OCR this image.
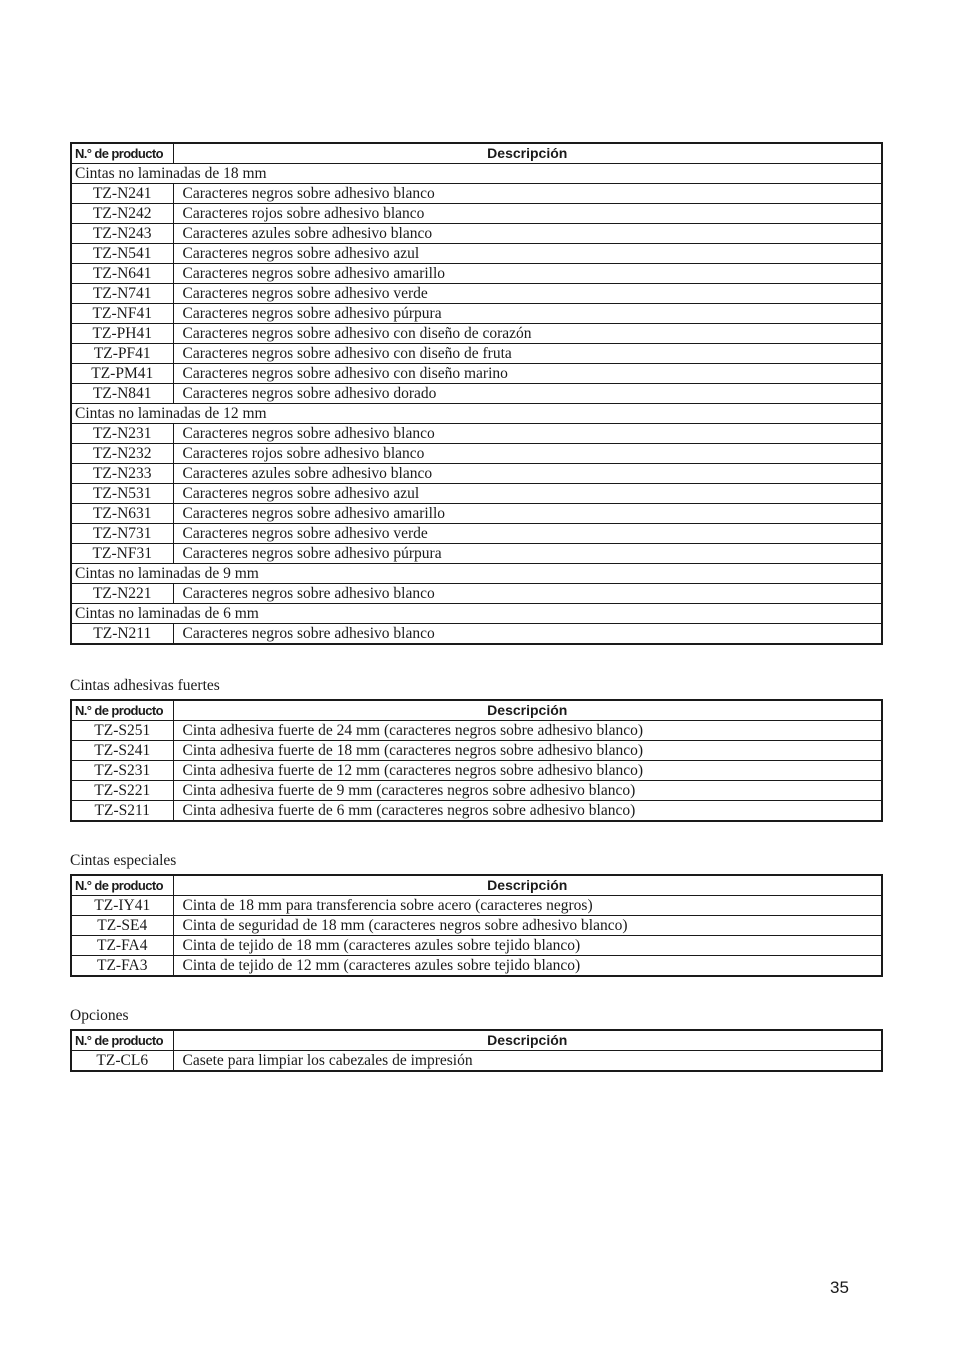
N.° de producto	Descripción
Cintas no laminadas de 18 mm	
TZ-N241	Caracteres negros sobre adhesivo blanco
TZ-N242	Caracteres rojos sobre adhesivo blanco
TZ-N243	Caracteres azules sobre adhesivo blanco
TZ-N541	Caracteres negros sobre adhesivo azul
TZ-N641	Caracteres negros sobre adhesivo amarillo
TZ-N741	Caracteres negros sobre adhesivo verde
TZ-NF41	Caracteres negros sobre adhesivo púrpura
TZ-PH41	Caracteres negros sobre adhesivo con diseño de corazón
TZ-PF41	Caracteres negros sobre adhesivo con diseño de fruta
TZ-PM41	Caracteres negros sobre adhesivo con diseño marino
TZ-N841	Caracteres negros sobre adhesivo dorado
Cintas no laminadas de 12 mm	
TZ-N231	Caracteres negros sobre adhesivo blanco
TZ-N232	Caracteres rojos sobre adhesivo blanco
TZ-N233	Caracteres azules sobre adhesivo blanco
TZ-N531	Caracteres negros sobre adhesivo azul
TZ-N631	Caracteres negros sobre adhesivo amarillo
TZ-N731	Caracteres negros sobre adhesivo verde
TZ-NF31	Caracteres negros sobre adhesivo púrpura
Cintas no laminadas de 9 mm	
TZ-N221	Caracteres negros sobre adhesivo blanco
Cintas no laminadas de 6 mm	
TZ-N211	Caracteres negros sobre adhesivo blanco
Cintas adhesivas fuertes
N.° de producto	Descripción
TZ-S251	Cinta adhesiva fuerte de 24 mm (caracteres negros sobre adhesivo blanco)
TZ-S241	Cinta adhesiva fuerte de 18 mm (caracteres negros sobre adhesivo blanco)
TZ-S231	Cinta adhesiva fuerte de 12 mm (caracteres negros sobre adhesivo blanco)
TZ-S221	Cinta adhesiva fuerte de 9 mm (caracteres negros sobre adhesivo blanco)
TZ-S211	Cinta adhesiva fuerte de 6 mm (caracteres negros sobre adhesivo blanco)
Cintas especiales
N.° de producto	Descripción
TZ-IY41	Cinta de 18 mm para transferencia sobre acero (caracteres negros)
TZ-SE4	Cinta de seguridad de 18 mm (caracteres negros sobre adhesivo blanco)
TZ-FA4	Cinta de tejido de 18 mm (caracteres azules sobre tejido blanco)
TZ-FA3	Cinta de tejido de 12 mm (caracteres azules sobre tejido blanco)
Opciones
N.° de producto	Descripción
TZ-CL6	Casete para limpiar los cabezales de impresión
35
